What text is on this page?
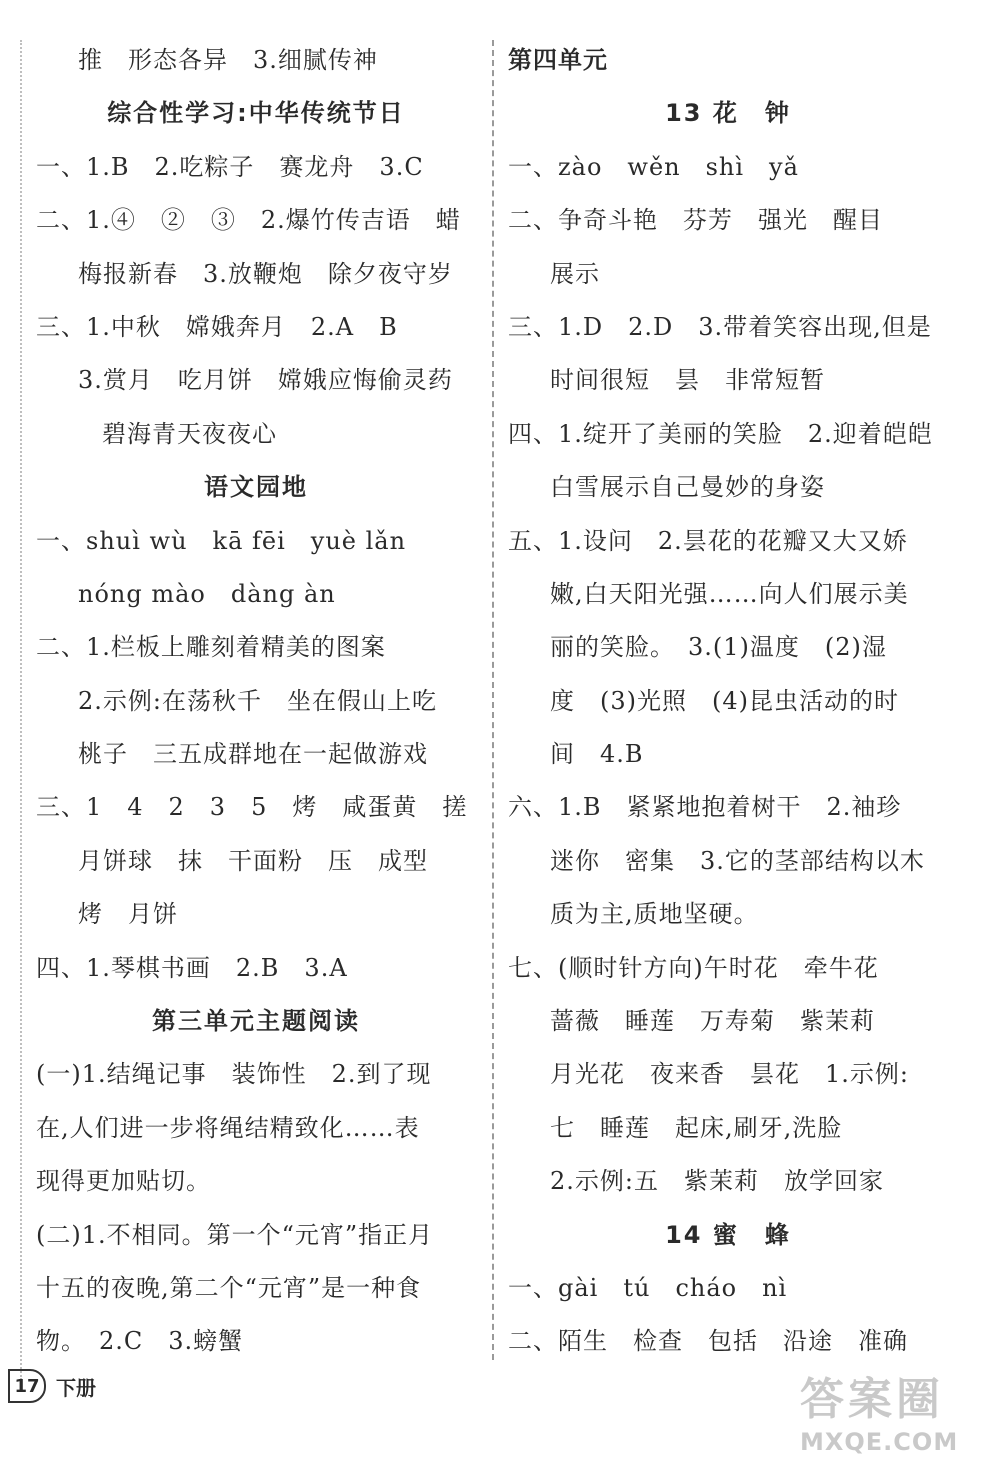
推　形态各异　3.细腻传神
综合性学习:中华传统节日
一、1.B　2.吃粽子　赛龙舟　3.C
二、1.④　②　③　2.爆竹传吉语　蜡
梅报新春　3.放鞭炮　除夕夜守岁
三、1.中秋　嫦娥奔月　2.A　B
3.赏月　吃月饼　嫦娥应悔偷灵药
碧海青天夜夜心
语文园地
一、shuì wù　kā fēi　yuè lǎn
nóng mào　dàng àn
二、1.栏板上雕刻着精美的图案
2.示例:在荡秋千　坐在假山上吃
桃子　三五成群地在一起做游戏
三、1　4　2　3　5　烤　咸蛋黄　搓
月饼球　抹　干面粉　压　成型
烤　月饼
四、1.琴棋书画　2.B　3.A
第三单元主题阅读
(一)1.结绳记事　装饰性　2.到了现
在,人们进一步将绳结精致化……表
现得更加贴切。
(二)1.不相同。第一个“元宵”指正月
十五的夜晚,第二个“元宵”是一种食
物。　2.C　3.螃蟹
第四单元
13 花　钟
一、zào　wěn　shì　yǎ
二、争奇斗艳　芬芳　强光　醒目
展示
三、1.D　2.D　3.带着笑容出现,但是
时间很短　昙　非常短暂
四、1.绽开了美丽的笑脸　2.迎着皑皑
白雪展示自己曼妙的身姿
五、1.设问　2.昙花的花瓣又大又娇
嫩,白天阳光强……向人们展示美
丽的笑脸。　3.(1)温度　(2)湿
度　(3)光照　(4)昆虫活动的时
间　4.B
六、1.B　紧紧地抱着树干　2.袖珍
迷你　密集　3.它的茎部结构以木
质为主,质地坚硬。
七、(顺时针方向)午时花　牵牛花
蔷薇　睡莲　万寿菊　紫茉莉
月光花　夜来香　昙花　1.示例:
七　睡莲　起床,刷牙,洗脸
2.示例:五　紫茉莉　放学回家
14 蜜　蜂
一、gài　tú　cháo　nì
二、陌生　检查　包括　沿途　准确
17 下册	答案圈
MXQE.COM
